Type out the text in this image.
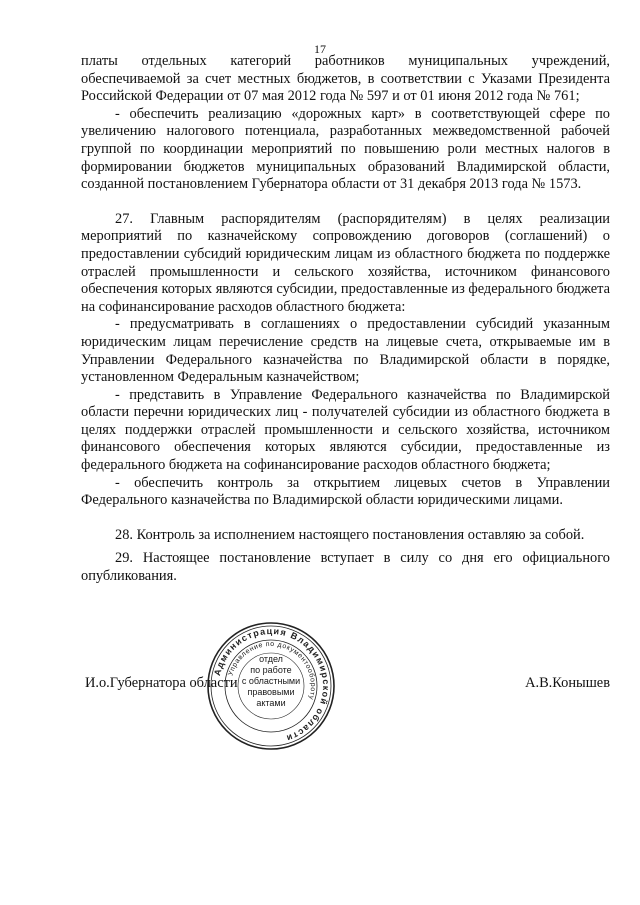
17

платы отдельных категорий работников муниципальных учреждений, обеспечиваемой за счет местных бюджетов, в соответствии с Указами Президента Российской Федерации от 07 мая 2012 года № 597 и от 01 июня 2012 года № 761;

- обеспечить реализацию «дорожных карт» в соответствующей сфере по увеличению налогового потенциала, разработанных межведомственной рабочей группой по координации мероприятий по повышению роли местных налогов в формировании бюджетов муниципальных образований Владимирской области, созданной постановлением Губернатора области от 31 декабря 2013 года № 1573.

27. Главным распорядителям (распорядителям) в целях реализации мероприятий по казначейскому сопровождению договоров (соглашений) о предоставлении субсидий юридическим лицам из областного бюджета по поддержке отраслей промышленности и сельского хозяйства, источником финансового обеспечения которых являются субсидии, предоставленные из федерального бюджета на софинансирование расходов областного бюджета:

- предусматривать в соглашениях о предоставлении субсидий указанным юридическим лицам перечисление средств на лицевые счета, открываемые им в Управлении Федерального казначейства по Владимирской области в порядке, установленном Федеральным казначейством;

- представить в Управление Федерального казначейства по Владимирской области перечни юридических лиц - получателей субсидии из областного бюджета в целях поддержки отраслей промышленности и сельского хозяйства, источником финансового обеспечения которых являются субсидии, предоставленные из федерального бюджета на софинансирование расходов областного бюджета;

- обеспечить контроль за открытием лицевых счетов в Управлении Федерального казначейства по Владимирской области юридическими лицами.

28. Контроль за исполнением настоящего постановления оставляю за собой.

29. Настоящее постановление вступает в силу со дня его официального опубликования.

Администрация Владимирской области
Управление по документообороту
отдел
по работе
с областными
правовыми
актами
И.о.Губернатора области	А.В.Конышев
